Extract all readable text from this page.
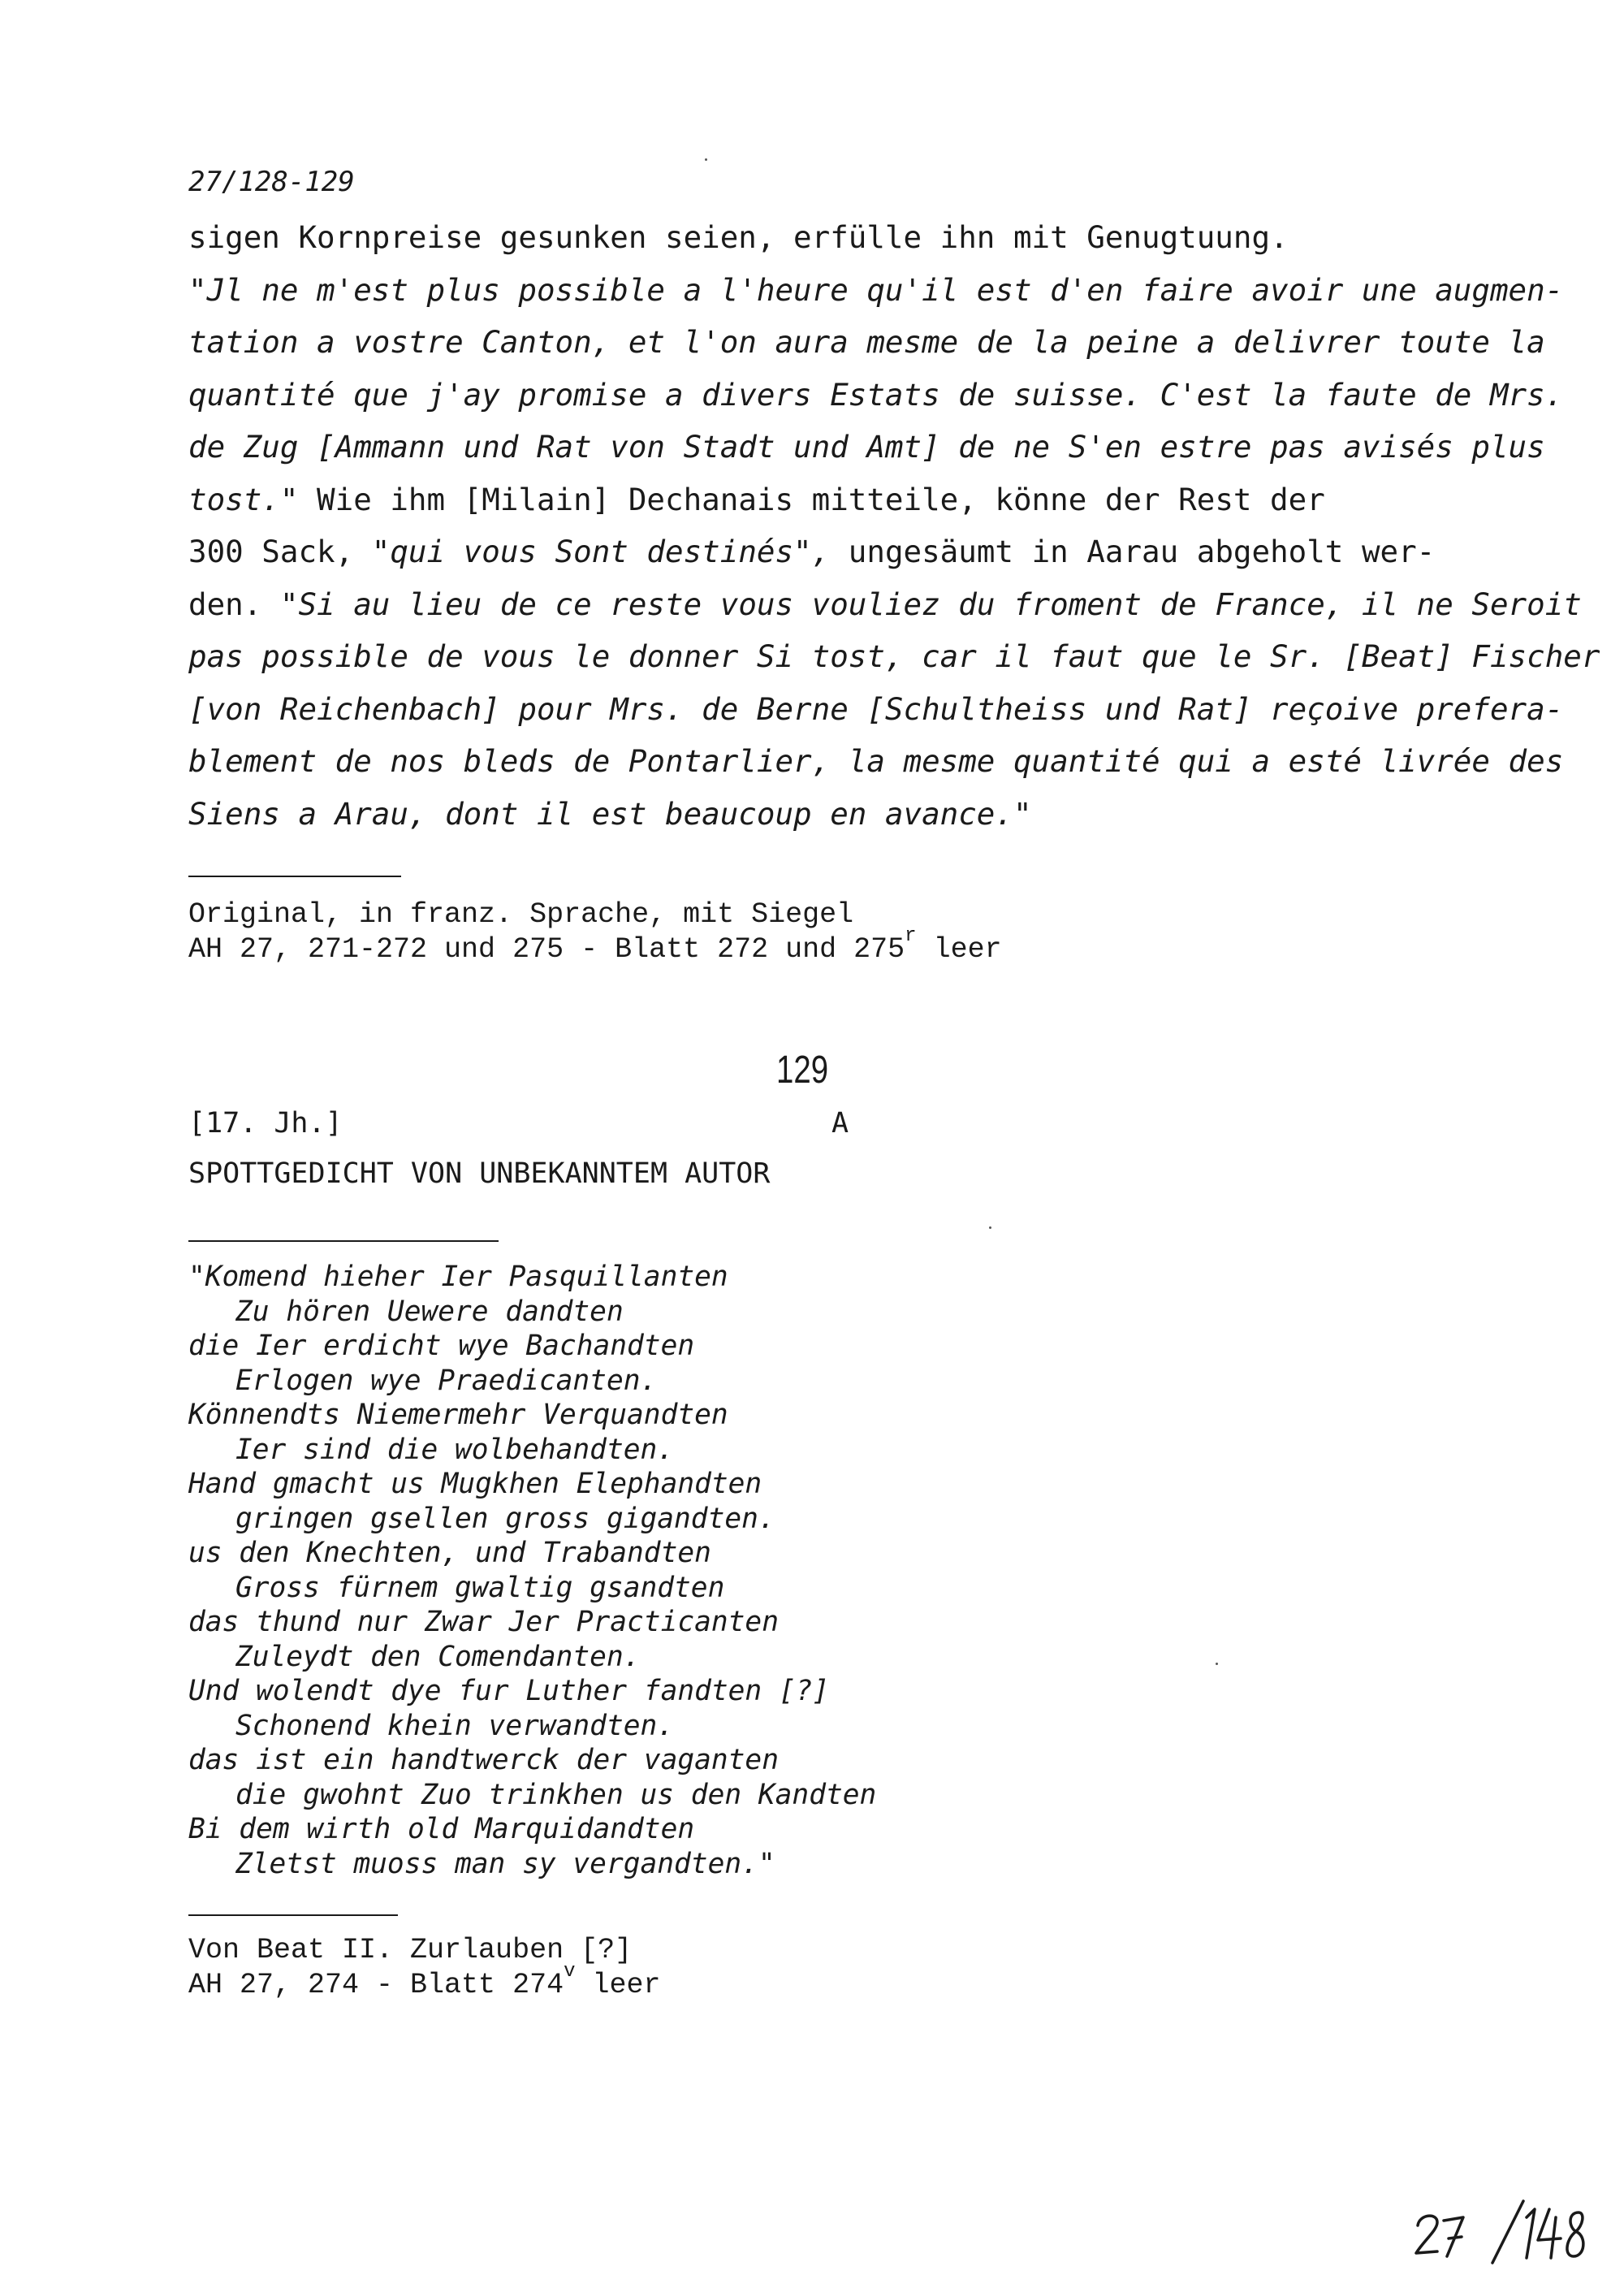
27/128-129
sigen Kornpreise gesunken seien, erfülle ihn mit Genugtuung.
"Jl ne m'est plus possible a l'heure qu'il est d'en faire avoir une augmen-
tation a vostre Canton, et l'on aura mesme de la peine a delivrer toute la
quantité que j'ay promise a divers Estats de suisse. C'est la faute de Mrs.
de Zug [Ammann und Rat von Stadt und Amt] de ne S'en estre pas avisés plus
tost." Wie ihm [Milain] Dechanais mitteile, könne der Rest der
300 Sack, "qui vous Sont destinés", ungesäumt in Aarau abgeholt wer-
den. "Si au lieu de ce reste vous vouliez du froment de France, il ne Seroit
pas possible de vous le donner Si tost, car il faut que le Sr. [Beat] Fischer
[von Reichenbach] pour Mrs. de Berne [Schultheiss und Rat] reçoive prefera-
blement de nos bleds de Pontarlier, la mesme quantité qui a esté livrée des
Siens a Arau, dont il est beaucoup en avance."
Original, in franz. Sprache, mit Siegel
AH 27, 271-272 und 275 - Blatt 272 und 275$^r$ leer
129
[17. Jh.]	A
SPOTTGEDICHT VON UNBEKANNTEM AUTOR
"Komend hieher Ier Pasquillanten
Zu hören Uewere dandten
die Ier erdicht wye Bachandten
Erlogen wye Praedicanten.
Könnendts Niemermehr Verquandten
Ier sind die wolbehandten.
Hand gmacht us Mugkhen Elephandten
gringen gsellen gross gigandten.
us den Knechten, und Trabandten
Gross fürnem gwaltig gsandten
das thund nur Zwar Jer Practicanten
Zuleydt den Comendanten.
Und wolendt dye fur Luther fandten [?]
Schonend khein verwandten.
das ist ein handtwerck der vaganten
die gwohnt Zuo trinkhen us den Kandten
Bi dem wirth old Marquidandten
Zletst muoss man sy vergandten."
Von Beat II. Zurlauben [?]
AH 27, 274 - Blatt 274$^v$ leer
